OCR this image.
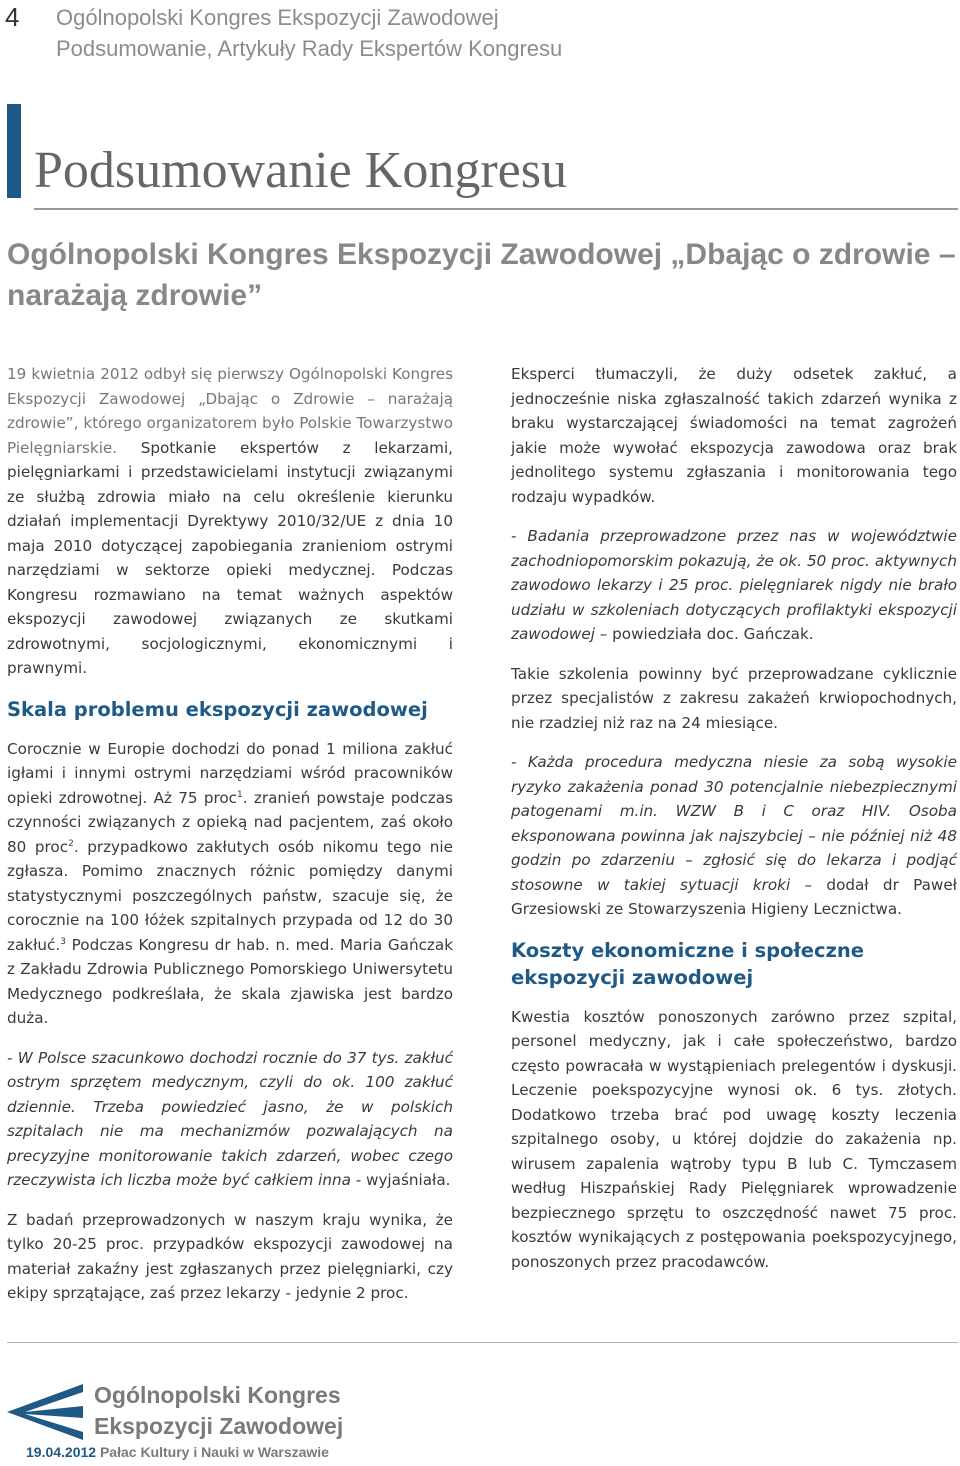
4 Ogólnopolski Kongres Ekspozycji Zawodowej
Podsumowanie, Artykuły Rady Ekspertów Kongresu
Podsumowanie Kongresu
Ogólnopolski Kongres Ekspozycji Zawodowej „Dbając o zdrowie – narażają zdrowie”

19 kwietnia 2012 odbył się pierwszy Ogólnopolski Kongres Ekspozycji Zawodowej „Dbając o Zdrowie – narażają zdrowie”, którego organizatorem było Polskie Towarzystwo Pielęgniarskie. Spotkanie ekspertów z lekarzami, pielęgniarkami i przedstawicielami instytucji związanymi ze służbą zdrowia miało na celu określenie kierunku działań implementacji Dyrektywy 2010/32/UE z dnia 10 maja 2010 dotyczącej zapobiegania zranieniom ostrymi narzędziami w sektorze opieki medycznej. Podczas Kongresu rozmawiano na temat ważnych aspektów ekspozycji zawodowej związanych ze skutkami zdrowotnymi, socjologicznymi, ekonomicznymi i prawnymi.

Skala problemu ekspozycji zawodowej

Corocznie w Europie dochodzi do ponad 1 miliona zakłuć igłami i innymi ostrymi narzędziami wśród pracowników opieki zdrowotnej. Aż 75 proc$^1$. zranień powstaje podczas czynności związanych z opieką nad pacjentem, zaś około 80 proc$^2$. przypadkowo zakłutych osób nikomu tego nie zgłasza. Pomimo znacznych różnic pomiędzy danymi statystycznymi poszczególnych państw, szacuje się, że corocznie na 100 łóżek szpitalnych przypada od 12 do 30 zakłuć.$^3$ Podczas Kongresu dr hab. n. med. Maria Gańczak z Zakładu Zdrowia Publicznego Pomorskiego Uniwersytetu Medycznego podkreślała, że skala zjawiska jest bardzo duża.

- W Polsce szacunkowo dochodzi rocznie do 37 tys. zakłuć ostrym sprzętem medycznym, czyli do ok. 100 zakłuć dziennie. Trzeba powiedzieć jasno, że w polskich szpitalach nie ma mechanizmów pozwalających na precyzyjne monitorowanie takich zdarzeń, wobec czego rzeczywista ich liczba może być całkiem inna - wyjaśniała.

Z badań przeprowadzonych w naszym kraju wynika, że tylko 20-25 proc. przypadków ekspozycji zawodowej na materiał zakaźny jest zgłaszanych przez pielęgniarki, czy ekipy sprzątające, zaś przez lekarzy - jedynie 2 proc.

Eksperci tłumaczyli, że duży odsetek zakłuć, a jednocześnie niska zgłaszalność takich zdarzeń wynika z braku wystarczającej świadomości na temat zagrożeń jakie może wywołać ekspozycja zawodowa oraz brak jednolitego systemu zgłaszania i monitorowania tego rodzaju wypadków.

- Badania przeprowadzone przez nas w województwie zachodniopomorskim pokazują, że ok. 50 proc. aktywnych zawodowo lekarzy i 25 proc. pielęgniarek nigdy nie brało udziału w szkoleniach dotyczących profilaktyki ekspozycji zawodowej – powiedziała doc. Gańczak.

Takie szkolenia powinny być przeprowadzane cyklicznie przez specjalistów z zakresu zakażeń krwiopochodnych, nie rzadziej niż raz na 24 miesiące.

- Każda procedura medyczna niesie za sobą wysokie ryzyko zakażenia ponad 30 potencjalnie niebezpiecznymi patogenami m.in. WZW B i C oraz HIV. Osoba eksponowana powinna jak najszybciej – nie później niż 48 godzin po zdarzeniu – zgłosić się do lekarza i podjąć stosowne w takiej sytuacji kroki – dodał dr Paweł Grzesiowski ze Stowarzyszenia Higieny Lecznictwa.

Koszty ekonomiczne i społeczne ekspozycji zawodowej

Kwestia kosztów ponoszonych zarówno przez szpital, personel medyczny, jak i całe społeczeństwo, bardzo często powracała w wystąpieniach prelegentów i dyskusji. Leczenie poekspozycyjne wynosi ok. 6 tys. złotych. Dodatkowo trzeba brać pod uwagę koszty leczenia szpitalnego osoby, u której dojdzie do zakażenia np. wirusem zapalenia wątroby typu B lub C. Tymczasem według Hiszpańskiej Rady Pielęgniarek wprowadzenie bezpiecznego sprzętu to oszczędność nawet 75 proc. kosztów wynikających z postępowania poekspozycyjnego, ponoszonych przez pracodawców.

Ogólnopolski Kongres
Ekspozycji Zawodowej
19.04.2012 Pałac Kultury i Nauki w Warszawie
